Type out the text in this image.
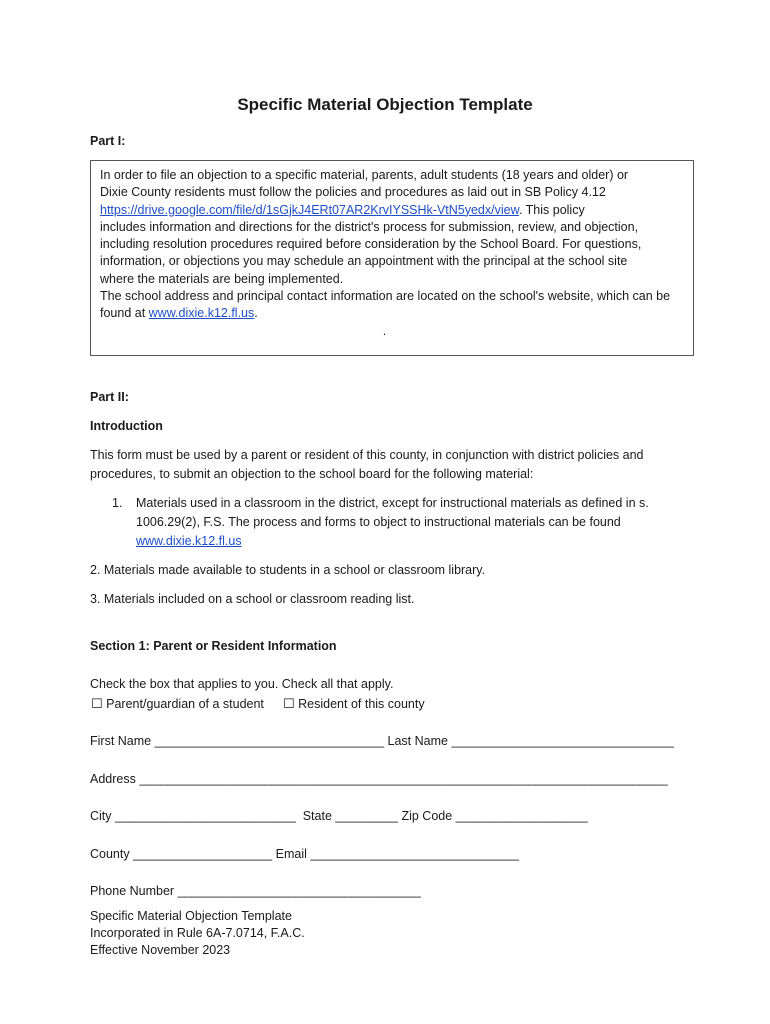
Specific Material Objection Template
Part I:
In order to file an objection to a specific material, parents, adult students (18 years and older) or
Dixie County residents must follow the policies and procedures as laid out in SB Policy 4.12
https://drive.google.com/file/d/1sGjkJ4ERt07AR2KrvIYSSHk-VtN5yedx/view. This policy
includes information and directions for the district's process for submission, review, and objection,
including resolution procedures required before consideration by the School Board. For questions,
information, or objections you may schedule an appointment with the principal at the school site
where the materials are being implemented.
The school address and principal contact information are located on the school's website, which can be
found at www.dixie.k12.fl.us.
.
Part II:
Introduction
This form must be used by a parent or resident of this county, in conjunction with district policies and
procedures, to submit an objection to the school board for the following material:
1. Materials used in a classroom in the district, except for instructional materials as defined in s.
1006.29(2), F.S. The process and forms to object to instructional materials can be found
www.dixie.k12.fl.us
2. Materials made available to students in a school or classroom library.
3. Materials included on a school or classroom reading list.
Section 1: Parent or Resident Information
Check the box that applies to you. Check all that apply.
☐ Parent/guardian of a student ☐ Resident of this county
First Name _________________________________ Last Name ________________________________
Address ____________________________________________________________________________
City __________________________ State _________ Zip Code ___________________
County ____________________ Email ______________________________
Phone Number ___________________________________
Specific Material Objection Template
Incorporated in Rule 6A-7.0714, F.A.C.
Effective November 2023
